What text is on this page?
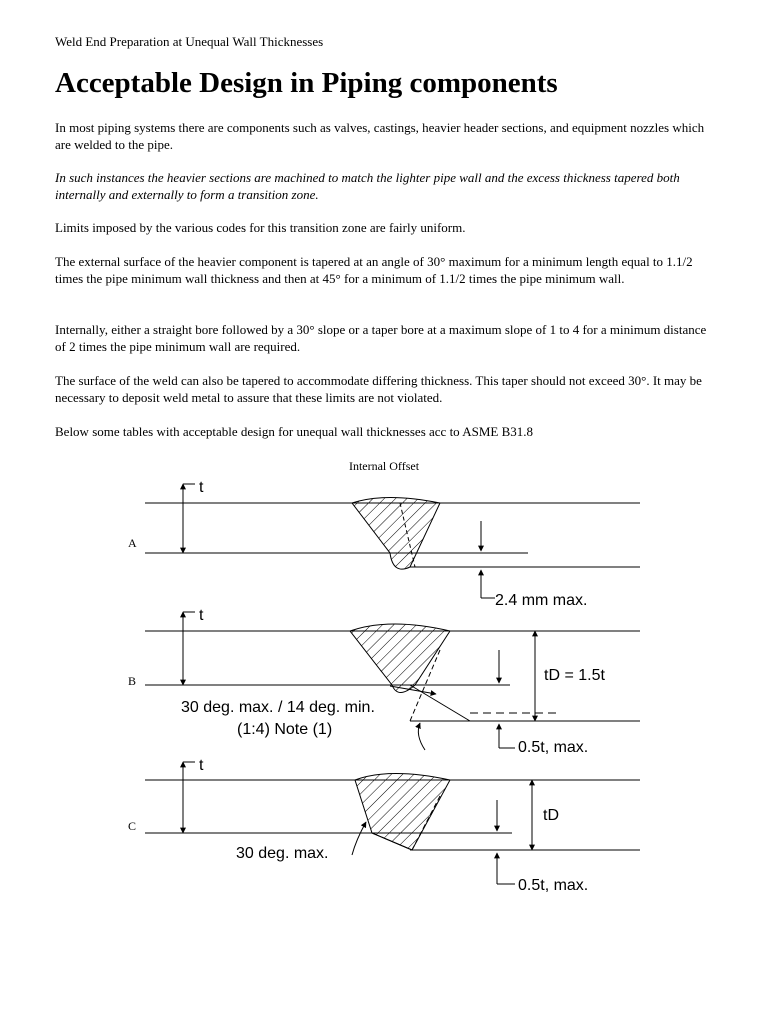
Weld End Preparation at Unequal Wall Thicknesses
Acceptable Design in Piping components

In most piping systems there are components such as valves, castings, heavier header sections, and equipment nozzles which are welded to the pipe.

In such instances the heavier sections are machined to match the lighter pipe wall and the excess thickness tapered both internally and externally to form a transition zone.

Limits imposed by the various codes for this transition zone are fairly uniform.

The external surface of the heavier component is tapered at an angle of 30° maximum for a minimum length equal to 1.1/2 times the pipe minimum wall thickness and then at 45° for a minimum of 1.1/2 times the pipe minimum wall.

Internally, either a straight bore followed by a 30° slope or a taper bore at a maximum slope of 1 to 4 for a minimum distance of 2 times the pipe minimum wall are required.

The surface of the weld can also be tapered to accommodate differing thickness. This taper should not exceed 30°. It may be necessary to deposit weld metal to assure that these limits are not violated.

Below some tables with acceptable design for unequal wall thicknesses acc to ASME B31.8

Internal Offset
t
A
2.4 mm max.
t
B	tD = 1.5t
0.5t, max.
30 deg. max. / 14 deg. min.
(1:4) Note (1)
t
C
tD
0.5t, max.
30 deg. max.
